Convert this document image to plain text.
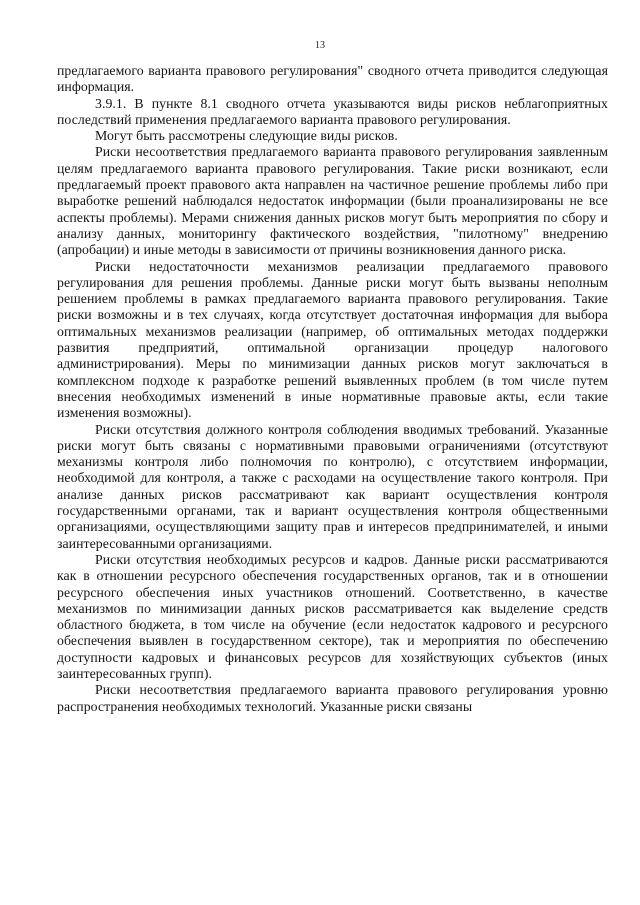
13

предлагаемого варианта правового регулирования" сводного отчета приводится следующая информация.

3.9.1. В пункте 8.1 сводного отчета указываются виды рисков неблагоприятных последствий применения предлагаемого варианта правового регулирования.

Могут быть рассмотрены следующие виды рисков.

Риски несоответствия предлагаемого варианта правового регулирования заявленным целям предлагаемого варианта правового регулирования. Такие риски возникают, если предлагаемый проект правового акта направлен на частичное решение проблемы либо при выработке решений наблюдался недостаток информации (были проанализированы не все аспекты проблемы). Мерами снижения данных рисков могут быть мероприятия по сбору и анализу данных, мониторингу фактического воздействия, "пилотному" внедрению (апробации) и иные методы в зависимости от причины возникновения данного риска.

Риски недостаточности механизмов реализации предлагаемого правового регулирования для решения проблемы. Данные риски могут быть вызваны неполным решением проблемы в рамках предлагаемого варианта правового регулирования. Такие риски возможны и в тех случаях, когда отсутствует достаточная информация для выбора оптимальных механизмов реализации (например, об оптимальных методах поддержки развития предприятий, оптимальной организации процедур налогового администрирования). Меры по минимизации данных рисков могут заключаться в комплексном подходе к разработке решений выявленных проблем (в том числе путем внесения необходимых изменений в иные нормативные правовые акты, если такие изменения возможны).

Риски отсутствия должного контроля соблюдения вводимых требований. Указанные риски могут быть связаны с нормативными правовыми ограничениями (отсутствуют механизмы контроля либо полномочия по контролю), с отсутствием информации, необходимой для контроля, а также с расходами на осуществление такого контроля. При анализе данных рисков рассматривают как вариант осуществления контроля государственными органами, так и вариант осуществления контроля общественными организациями, осуществляющими защиту прав и интересов предпринимателей, и иными заинтересованными организациями.

Риски отсутствия необходимых ресурсов и кадров. Данные риски рассматриваются как в отношении ресурсного обеспечения государственных органов, так и в отношении ресурсного обеспечения иных участников отношений. Соответственно, в качестве механизмов по минимизации данных рисков рассматривается как выделение средств областного бюджета, в том числе на обучение (если недостаток кадрового и ресурсного обеспечения выявлен в государственном секторе), так и мероприятия по обеспечению доступности кадровых и финансовых ресурсов для хозяйствующих субъектов (иных заинтересованных групп).

Риски несоответствия предлагаемого варианта правового регулирования уровню распространения необходимых технологий. Указанные риски связаны
